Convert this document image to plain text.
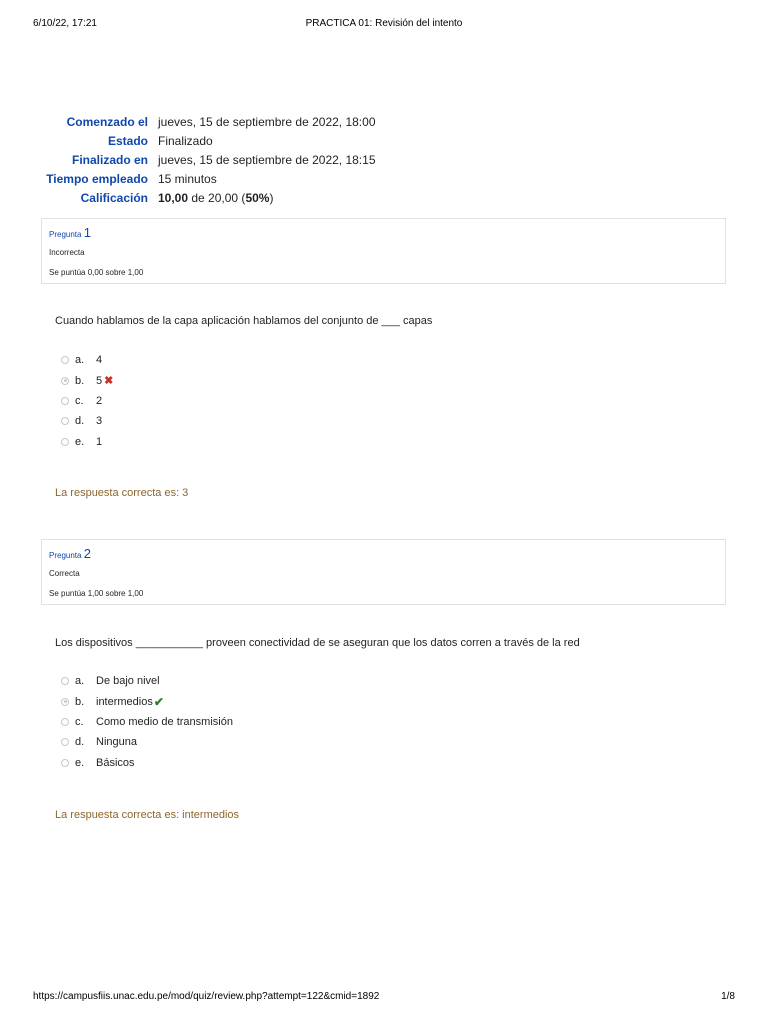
6/10/22, 17:21	PRACTICA 01: Revisión del intento
Comenzado el	jueves, 15 de septiembre de 2022, 18:00
Estado	Finalizado
Finalizado en	jueves, 15 de septiembre de 2022, 18:15
Tiempo empleado	15 minutos
Calificación	10,00 de 20,00 (50%)
Pregunta 1
Incorrecta
Se puntúa 0,00 sobre 1,00
Cuando hablamos de la capa aplicación hablamos del conjunto de ___ capas
a.	4
b.	5 ✖
c.	2
d.	3
e.	1
La respuesta correcta es: 3
Pregunta 2
Correcta
Se puntúa 1,00 sobre 1,00
Los dispositivos ___________ proveen conectividad de se aseguran que los datos corren a través de la red
a.	De bajo nivel
b.	intermedios ✔
c.	Como medio de transmisión
d.	Ninguna
e.	Básicos
La respuesta correcta es: intermedios
https://campusfiis.unac.edu.pe/mod/quiz/review.php?attempt=122&cmid=1892	1/8
